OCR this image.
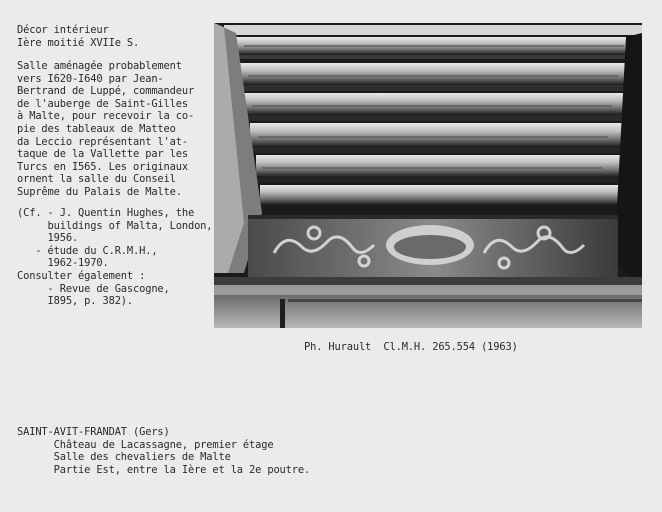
Décor intérieur
Ière moitié XVIIe S.
Salle aménagée probablement
vers I620-I640 par Jean-
Bertrand de Luppé, commandeur
de l'auberge de Saint-Gilles
à Malte, pour recevoir la co-
pie des tableaux de Matteo
da Leccio représentant l'at-
taque de la Vallette par les
Turcs en I565. Les originaux
ornent la salle du Conseil
Suprême du Palais de Malte.
(Cf. - J. Quentin Hughes, the
buildings of Malta, London,
1956.
- étude du C.R.M.H.,
1962-1970.
Consulter également :
- Revue de Gascogne,
I895, p. 382).
Ph. Hurault  Cl.M.H. 265.554 (1963)
SAINT-AVIT-FRANDAT (Gers)
Château de Lacassagne, premier étage
Salle des chevaliers de Malte
Partie Est, entre la Ière et la 2e poutre.
